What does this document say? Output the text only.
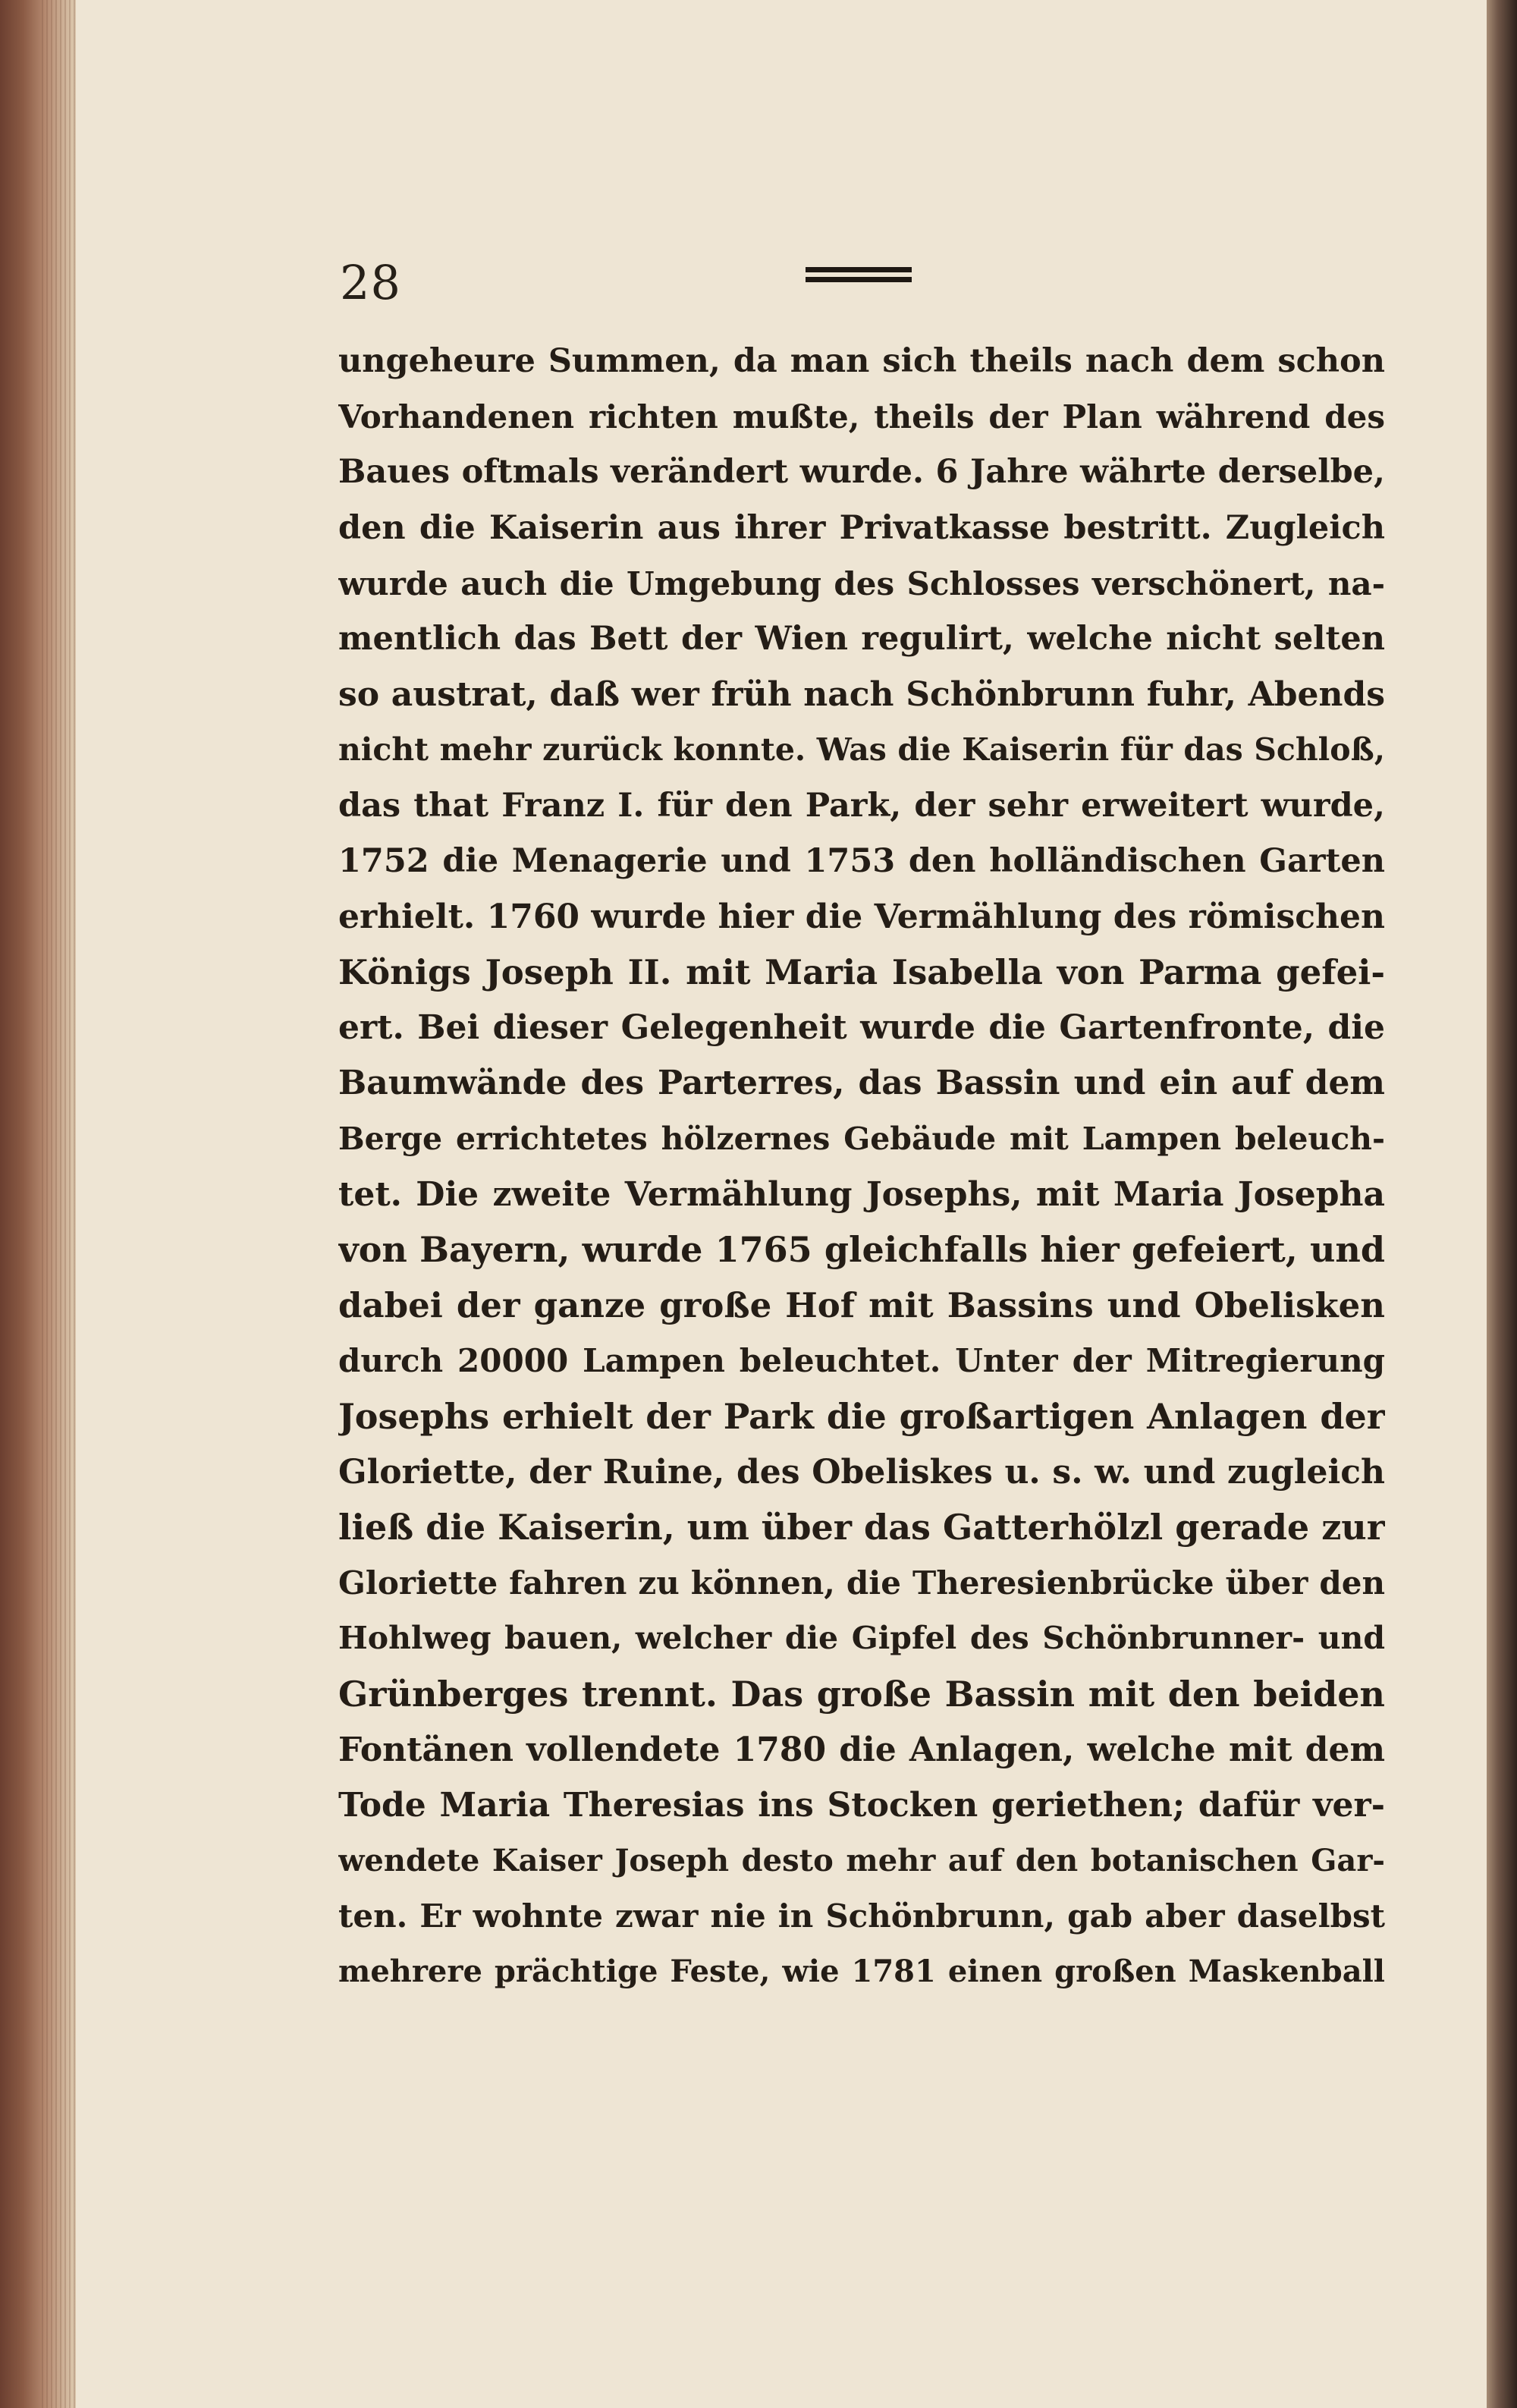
28
ungeheure Summen, da man sich theils nach dem schon
Vorhandenen richten mußte, theils der Plan während des
Baues oftmals verändert wurde. 6 Jahre währte derselbe,
den die Kaiserin aus ihrer Privatkasse bestritt. Zugleich
wurde auch die Umgebung des Schlosses verschönert, na-
mentlich das Bett der Wien regulirt, welche nicht selten
so austrat, daß wer früh nach Schönbrunn fuhr, Abends
nicht mehr zurück konnte. Was die Kaiserin für das Schloß,
das that Franz I. für den Park, der sehr erweitert wurde,
1752 die Menagerie und 1753 den holländischen Garten
erhielt. 1760 wurde hier die Vermählung des römischen
Königs Joseph II. mit Maria Isabella von Parma gefei-
ert. Bei dieser Gelegenheit wurde die Gartenfronte, die
Baumwände des Parterres, das Bassin und ein auf dem
Berge errichtetes hölzernes Gebäude mit Lampen beleuch-
tet. Die zweite Vermählung Josephs, mit Maria Josepha
von Bayern, wurde 1765 gleichfalls hier gefeiert, und
dabei der ganze große Hof mit Bassins und Obelisken
durch 20000 Lampen beleuchtet. Unter der Mitregierung
Josephs erhielt der Park die großartigen Anlagen der
Gloriette, der Ruine, des Obeliskes u. s. w. und zugleich
ließ die Kaiserin, um über das Gatterhölzl gerade zur
Gloriette fahren zu können, die Theresienbrücke über den
Hohlweg bauen, welcher die Gipfel des Schönbrunner- und
Grünberges trennt. Das große Bassin mit den beiden
Fontänen vollendete 1780 die Anlagen, welche mit dem
Tode Maria Theresias ins Stocken geriethen; dafür ver-
wendete Kaiser Joseph desto mehr auf den botanischen Gar-
ten. Er wohnte zwar nie in Schönbrunn, gab aber daselbst
mehrere prächtige Feste, wie 1781 einen großen Maskenball
